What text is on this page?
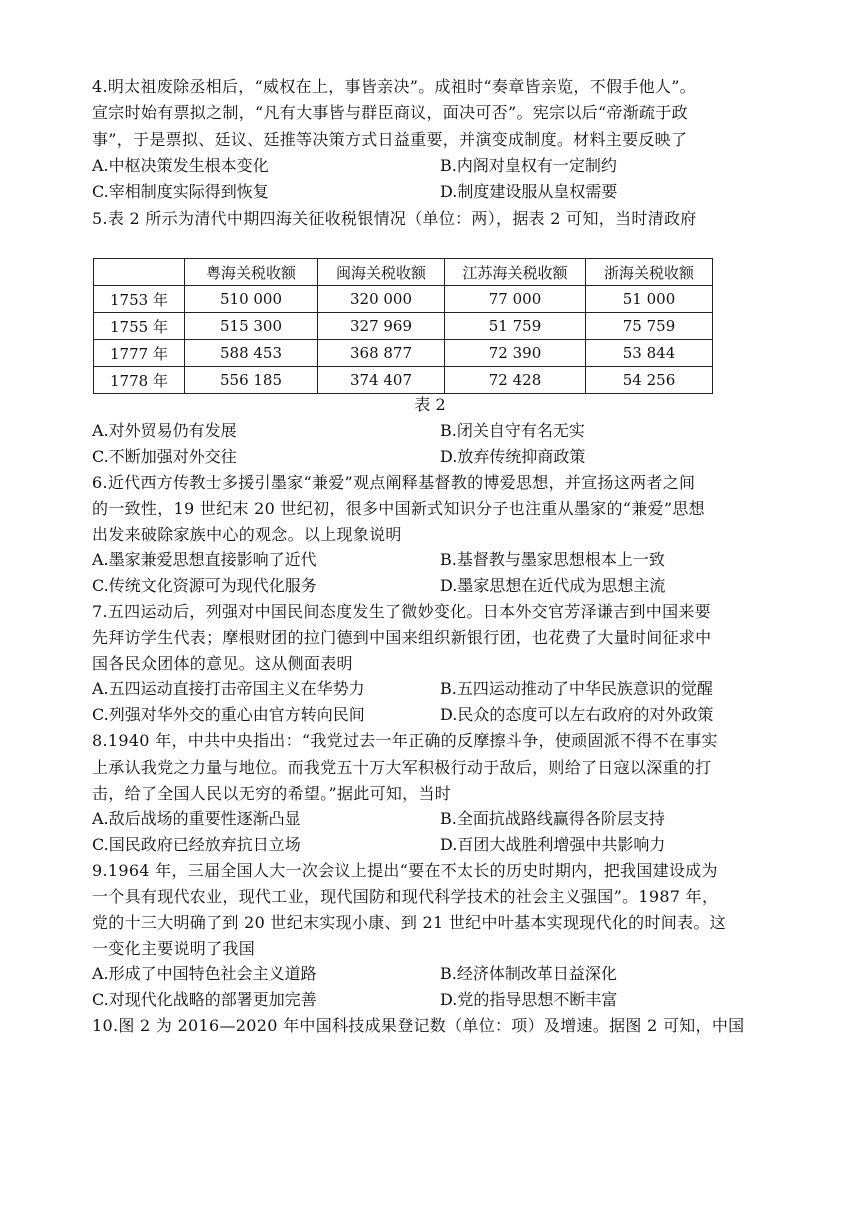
4.明太祖废除丞相后，“威权在上，事皆亲决”。成祖时“奏章皆亲览，不假手他人”。
宣宗时始有票拟之制，“凡有大事皆与群臣商议，面决可否”。宪宗以后“帝渐疏于政
事”，于是票拟、廷议、廷推等决策方式日益重要，并演变成制度。材料主要反映了
A.中枢决策发生根本变化	B.内阁对皇权有一定制约
C.宰相制度实际得到恢复	D.制度建设服从皇权需要
5.表 2 所示为清代中期四海关征收税银情况（单位：两），据表 2 可知，当时清政府
	粤海关税收额	闽海关税收额	江苏海关税收额	浙海关税收额
1753 年	510 000	320 000	77 000	51 000
1755 年	515 300	327 969	51 759	75 759
1777 年	588 453	368 877	72 390	53 844
1778 年	556 185	374 407	72 428	54 256
表 2
A.对外贸易仍有发展	B.闭关自守有名无实
C.不断加强对外交往	D.放弃传统抑商政策
6.近代西方传教士多援引墨家“兼爱”观点阐释基督教的博爱思想，并宣扬这两者之间
的一致性，19 世纪末 20 世纪初，很多中国新式知识分子也注重从墨家的“兼爱”思想
出发来破除家族中心的观念。以上现象说明
A.墨家兼爱思想直接影响了近代	B.基督教与墨家思想根本上一致
C.传统文化资源可为现代化服务	D.墨家思想在近代成为思想主流
7.五四运动后，列强对中国民间态度发生了微妙变化。日本外交官芳泽谦吉到中国来要
先拜访学生代表；摩根财团的拉门德到中国来组织新银行团，也花费了大量时间征求中
国各民众团体的意见。这从侧面表明
A.五四运动直接打击帝国主义在华势力	B.五四运动推动了中华民族意识的觉醒
C.列强对华外交的重心由官方转向民间	D.民众的态度可以左右政府的对外政策
8.1940 年，中共中央指出：“我党过去一年正确的反摩擦斗争，使顽固派不得不在事实
上承认我党之力量与地位。而我党五十万大军积极行动于敌后，则给了日寇以深重的打
击，给了全国人民以无穷的希望。”据此可知，当时
A.敌后战场的重要性逐渐凸显	B.全面抗战路线赢得各阶层支持
C.国民政府已经放弃抗日立场	D.百团大战胜利增强中共影响力
9.1964 年，三届全国人大一次会议上提出“要在不太长的历史时期内，把我国建设成为
一个具有现代农业，现代工业，现代国防和现代科学技术的社会主义强国”。1987 年，
党的十三大明确了到 20 世纪末实现小康、到 21 世纪中叶基本实现现代化的时间表。这
一变化主要说明了我国
A.形成了中国特色社会主义道路	B.经济体制改革日益深化
C.对现代化战略的部署更加完善	D.党的指导思想不断丰富
10.图 2 为 2016—2020 年中国科技成果登记数（单位：项）及增速。据图 2 可知，中国
